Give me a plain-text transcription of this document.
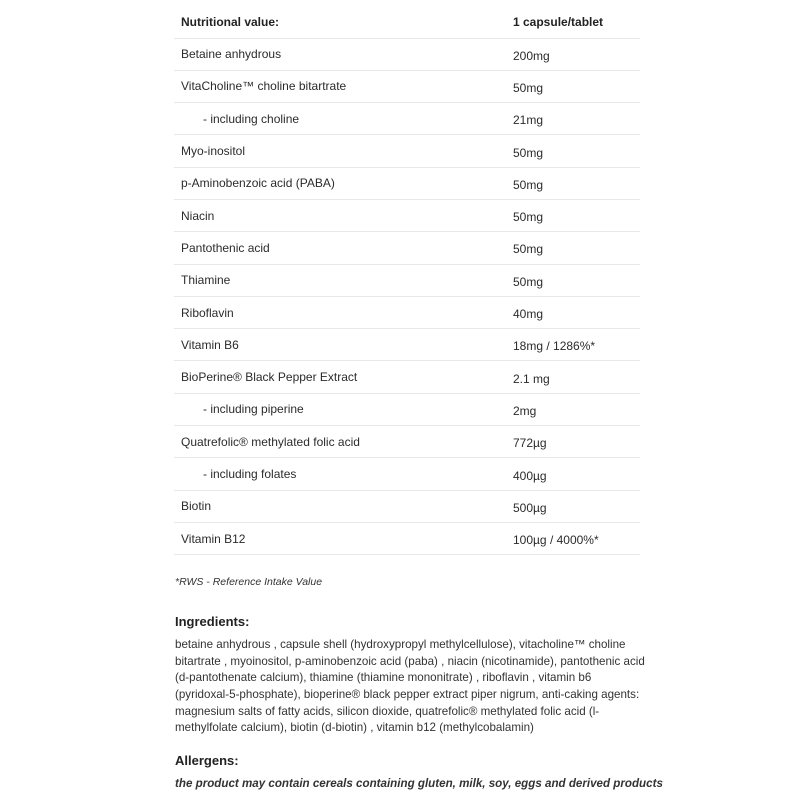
Nutritional value:	1 capsule/tablet
Betaine anhydrous	200mg
VitaCholine™ choline bitartrate	50mg
- including choline	21mg
Myo-inositol	50mg
p-Aminobenzoic acid (PABA)	50mg
Niacin	50mg
Pantothenic acid	50mg
Thiamine	50mg
Riboflavin	40mg
Vitamin B6	18mg / 1286%*
BioPerine® Black Pepper Extract	2.1 mg
- including piperine	2mg
Quatrefolic® methylated folic acid	772µg
- including folates	400µg
Biotin	500µg
Vitamin B12	100µg / 4000%*
*RWS - Reference Intake Value
Ingredients:
betaine anhydrous , capsule shell (hydroxypropyl methylcellulose), vitacholine™ choline bitartrate , myoinositol, p-aminobenzoic acid (paba) , niacin (nicotinamide), pantothenic acid (d-pantothenate calcium), thiamine (thiamine mononitrate) , riboflavin , vitamin b6 (pyridoxal-5-phosphate), bioperine® black pepper extract piper nigrum, anti-caking agents: magnesium salts of fatty acids, silicon dioxide, quatrefolic® methylated folic acid (l-methylfolate calcium), biotin (d-biotin) , vitamin b12 (methylcobalamin)
Allergens:
the product may contain cereals containing gluten, milk, soy, eggs and derived products
